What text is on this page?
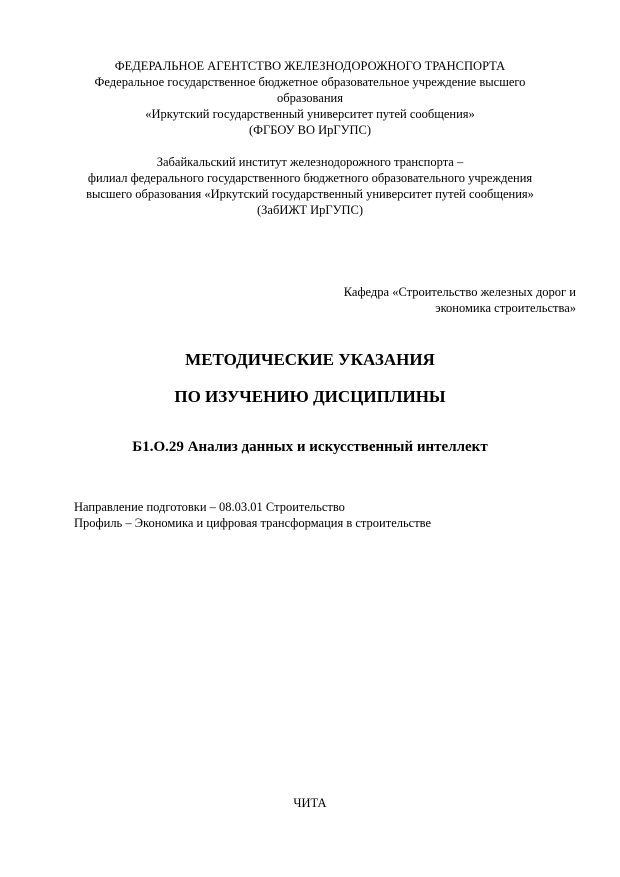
ФЕДЕРАЛЬНОЕ АГЕНТСТВО ЖЕЛЕЗНОДОРОЖНОГО ТРАНСПОРТА
Федеральное государственное бюджетное образовательное учреждение высшего
образования
«Иркутский государственный университет путей сообщения»
(ФГБОУ ВО ИрГУПС)
Забайкальский институт железнодорожного транспорта –
филиал федерального государственного бюджетного образовательного учреждения
высшего образования «Иркутский государственный университет путей сообщения»
(ЗабИЖТ ИрГУПС)
Кафедра «Строительство железных дорог и
экономика строительства»
МЕТОДИЧЕСКИЕ УКАЗАНИЯ
ПО ИЗУЧЕНИЮ ДИСЦИПЛИНЫ
Б1.О.29 Анализ данных и искусственный интеллект
Направление подготовки – 08.03.01 Строительство
Профиль – Экономика и цифровая трансформация в строительстве
ЧИТА
